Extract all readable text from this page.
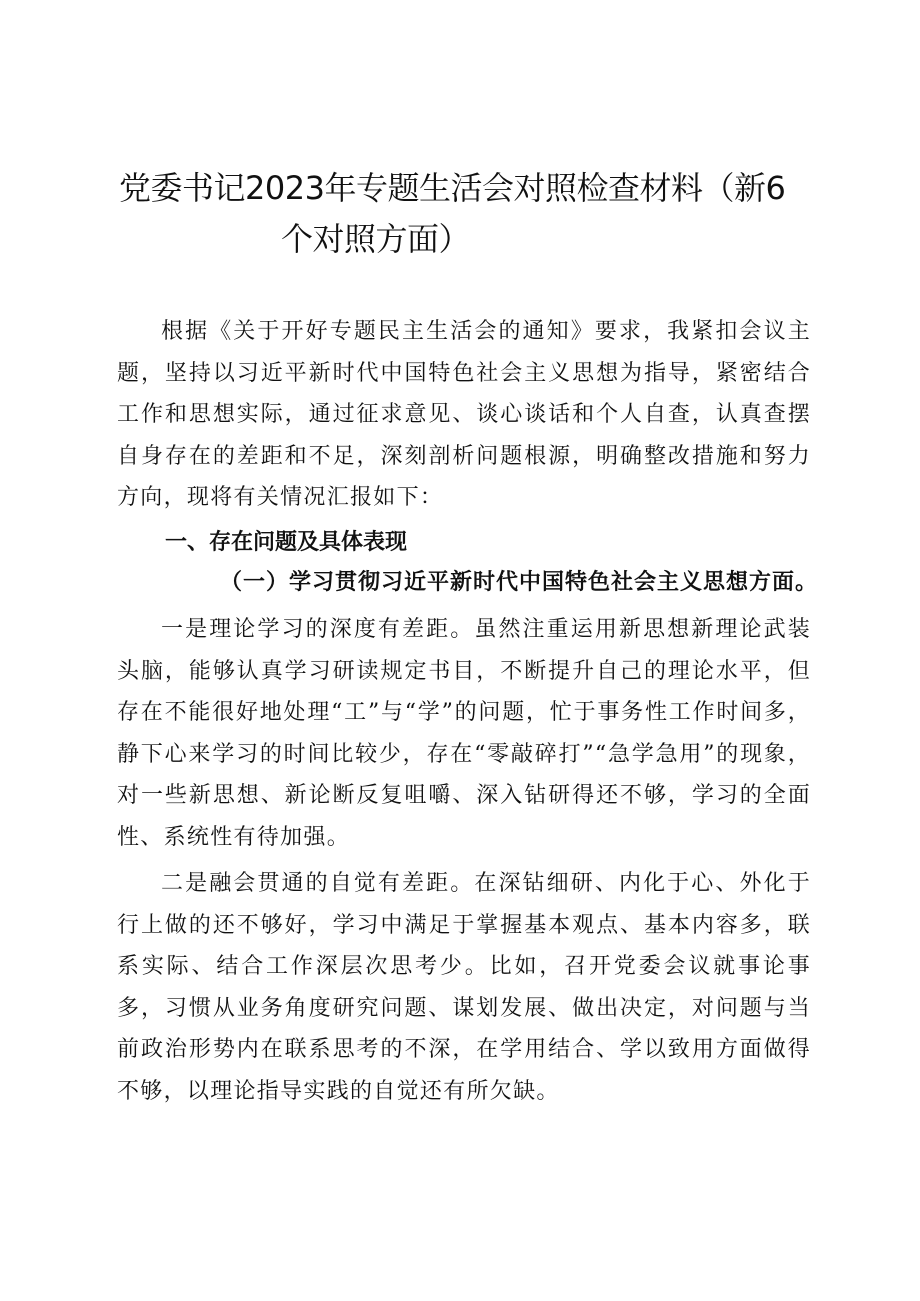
党委书记2023年专题生活会对照检查材料（新6
个对照方面）

根据《关于开好专题民主生活会的通知》要求，我紧扣会议主题，坚持以习近平新时代中国特色社会主义思想为指导，紧密结合工作和思想实际，通过征求意见、谈心谈话和个人自查，认真查摆自身存在的差距和不足，深刻剖析问题根源，明确整改措施和努力方向，现将有关情况汇报如下：

一、存在问题及具体表现
（一）学习贯彻习近平新时代中国特色社会主义思想方面。

一是理论学习的深度有差距。虽然注重运用新思想新理论武装头脑，能够认真学习研读规定书目，不断提升自己的理论水平，但存在不能很好地处理“工”与“学”的问题，忙于事务性工作时间多，静下心来学习的时间比较少，存在“零敲碎打”“急学急用”的现象，对一些新思想、新论断反复咀嚼、深入钻研得还不够，学习的全面性、系统性有待加强。

二是融会贯通的自觉有差距。在深钻细研、内化于心、外化于行上做的还不够好，学习中满足于掌握基本观点、基本内容多，联系实际、结合工作深层次思考少。比如，召开党委会议就事论事多，习惯从业务角度研究问题、谋划发展、做出决定，对问题与当前政治形势内在联系思考的不深，在学用结合、学以致用方面做得不够，以理论指导实践的自觉还有所欠缺。
